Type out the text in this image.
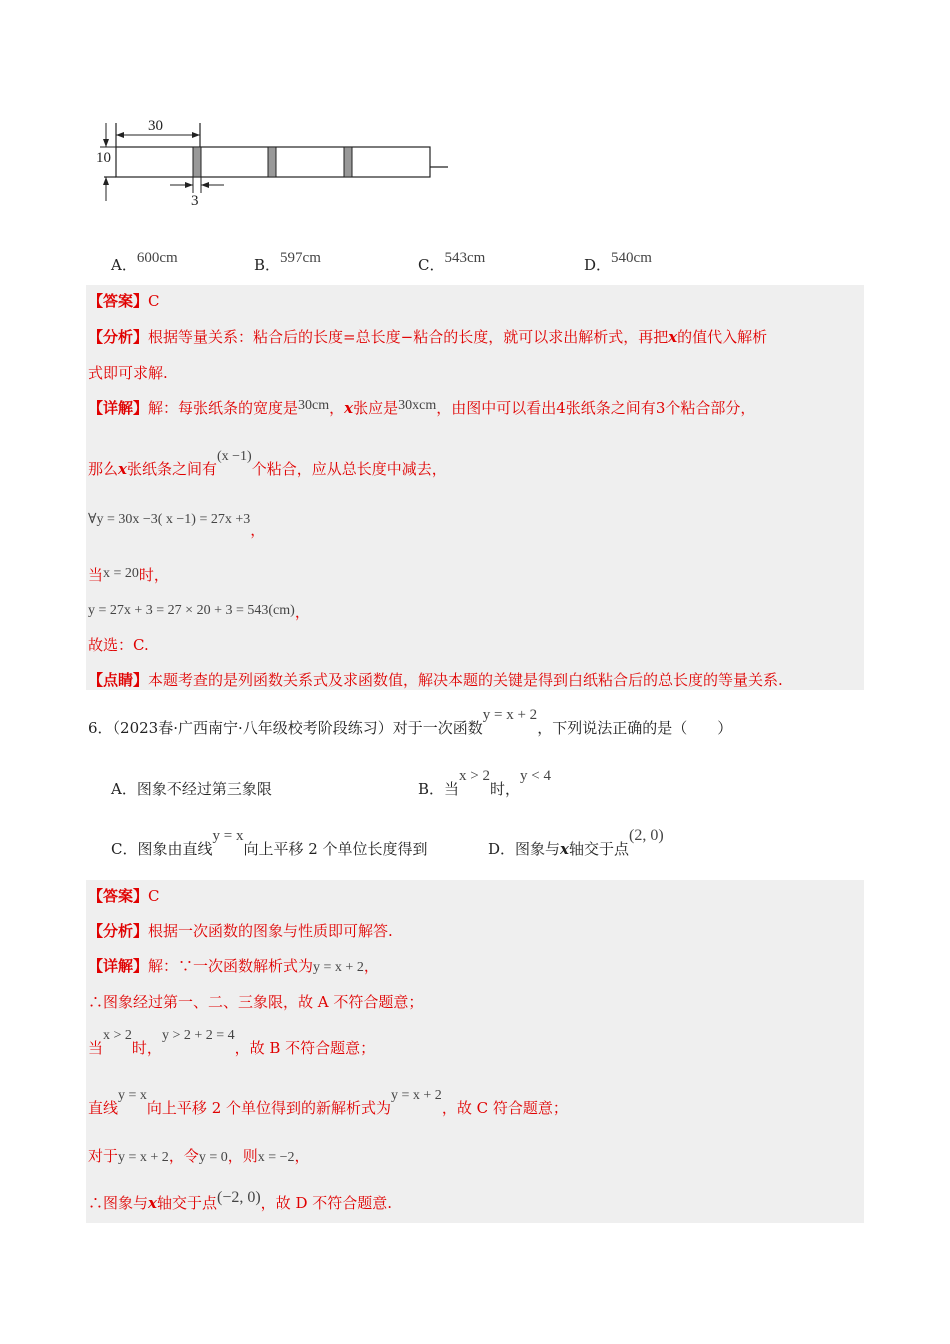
30
10
3
A．600cm	B．597cm	C．543cm	D．540cm
【答案】C
【分析】根据等量关系：粘合后的长度=总长度−粘合的长度，就可以求出解析式，再把x的值代入解析
式即可求解.
【详解】解：每张纸条的宽度是30cm，x张应是30xcm，由图中可以看出4张纸条之间有3个粘合部分，
那么x张纸条之间有(x −1)个粘合，应从总长度中减去，
∀y = 30x −3( x −1) = 27x +3，
当x = 20时，
y = 27x + 3 = 27 × 20 + 3 = 543(cm)，
故选：C.
【点睛】本题考查的是列函数关系式及求函数值，解决本题的关键是得到白纸粘合后的总长度的等量关系.
6．（2023春·广西南宁·八年级校考阶段练习）对于一次函数y = x + 2，下列说法正确的是（　　）
A．图象不经过第三象限	B．当x > 2时，y < 4
C．图象由直线y = x向上平移 2 个单位长度得到	D．图象与x轴交于点(2, 0)
【答案】C
【分析】根据一次函数的图象与性质即可解答.
【详解】解：∵一次函数解析式为y = x + 2，
∴图象经过第一、二、三象限，故 A 不符合题意；
当x > 2时，y > 2 + 2 = 4，故 B 不符合题意；
直线y = x向上平移 2 个单位得到的新解析式为y = x + 2，故 C 符合题意；
对于y = x + 2，令y = 0，则x = −2，
∴图象与x轴交于点(−2, 0)，故 D 不符合题意.
